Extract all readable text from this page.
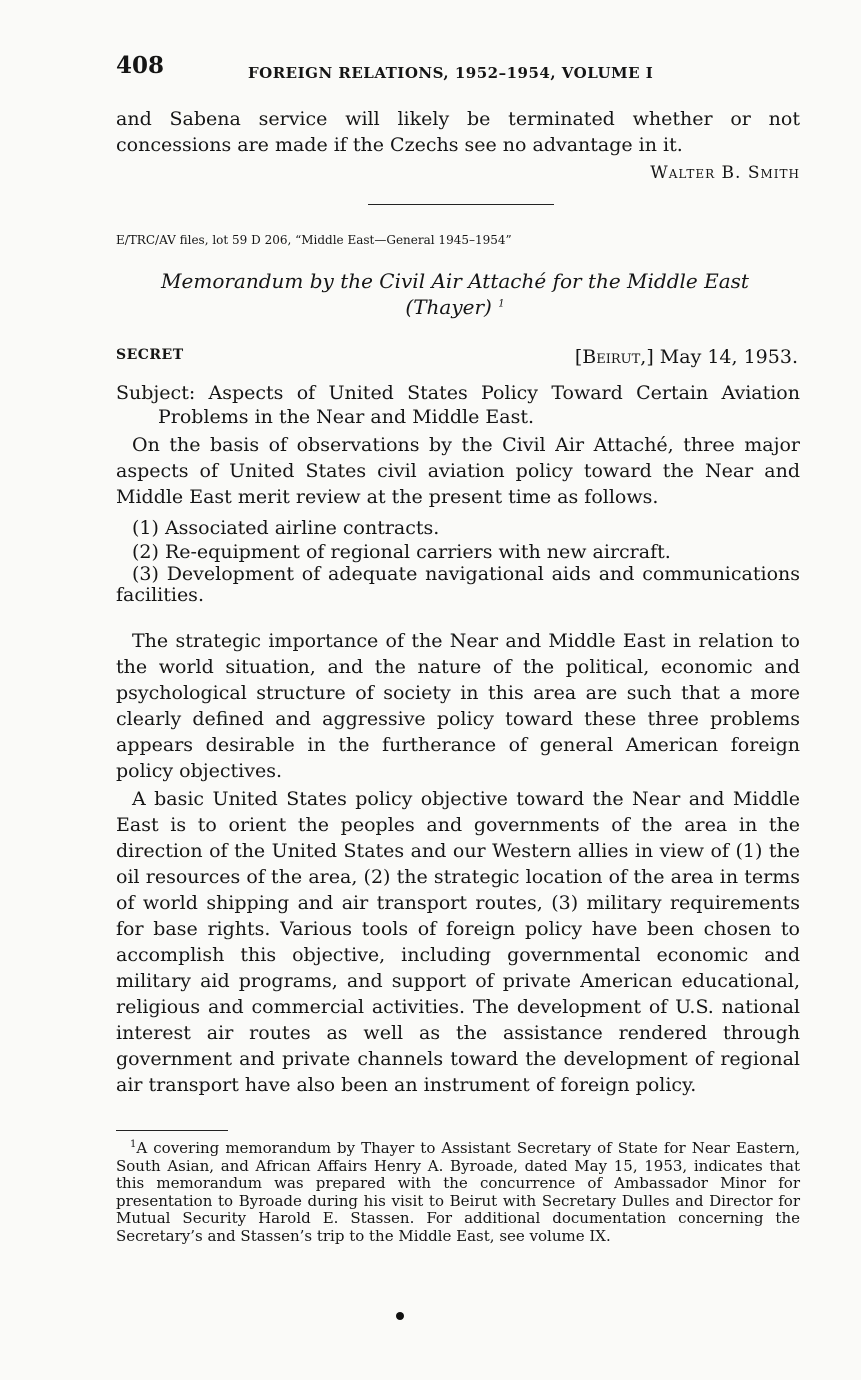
408	FOREIGN RELATIONS, 1952–1954, VOLUME I
and Sabena service will likely be terminated whether or not concessions are made if the Czechs see no advantage in it.
Walter B. Smith
E/TRC/AV files, lot 59 D 206, “Middle East—General 1945–1954”
Memorandum by the Civil Air Attaché for the Middle East
(Thayer) $^1$
SECRET	[Beirut,] May 14, 1953.
Subject: Aspects of United States Policy Toward Certain Aviation Problems in the Near and Middle East.
On the basis of observations by the Civil Air Attaché, three major aspects of United States civil aviation policy toward the Near and Middle East merit review at the present time as follows.
(1) Associated airline contracts.
(2) Re-equipment of regional carriers with new aircraft.
(3) Development of adequate navigational aids and communications facilities.
The strategic importance of the Near and Middle East in relation to the world situation, and the nature of the political, economic and psychological structure of society in this area are such that a more clearly defined and aggressive policy toward these three problems appears desirable in the furtherance of general American foreign policy objectives.
A basic United States policy objective toward the Near and Middle East is to orient the peoples and governments of the area in the direction of the United States and our Western allies in view of (1) the oil resources of the area, (2) the strategic location of the area in terms of world shipping and air transport routes, (3) military requirements for base rights. Various tools of foreign policy have been chosen to accomplish this objective, including governmental economic and military aid programs, and support of private American educational, religious and commercial activities. The development of U.S. national interest air routes as well as the assistance rendered through government and private channels toward the development of regional air transport have also been an instrument of foreign policy.
$^1$A covering memorandum by Thayer to Assistant Secretary of State for Near Eastern, South Asian, and African Affairs Henry A. Byroade, dated May 15, 1953, indicates that this memorandum was prepared with the concurrence of Ambassador Minor for presentation to Byroade during his visit to Beirut with Secretary Dulles and Director for Mutual Security Harold E. Stassen. For additional documentation concerning the Secretary’s and Stassen’s trip to the Middle East, see volume IX.
